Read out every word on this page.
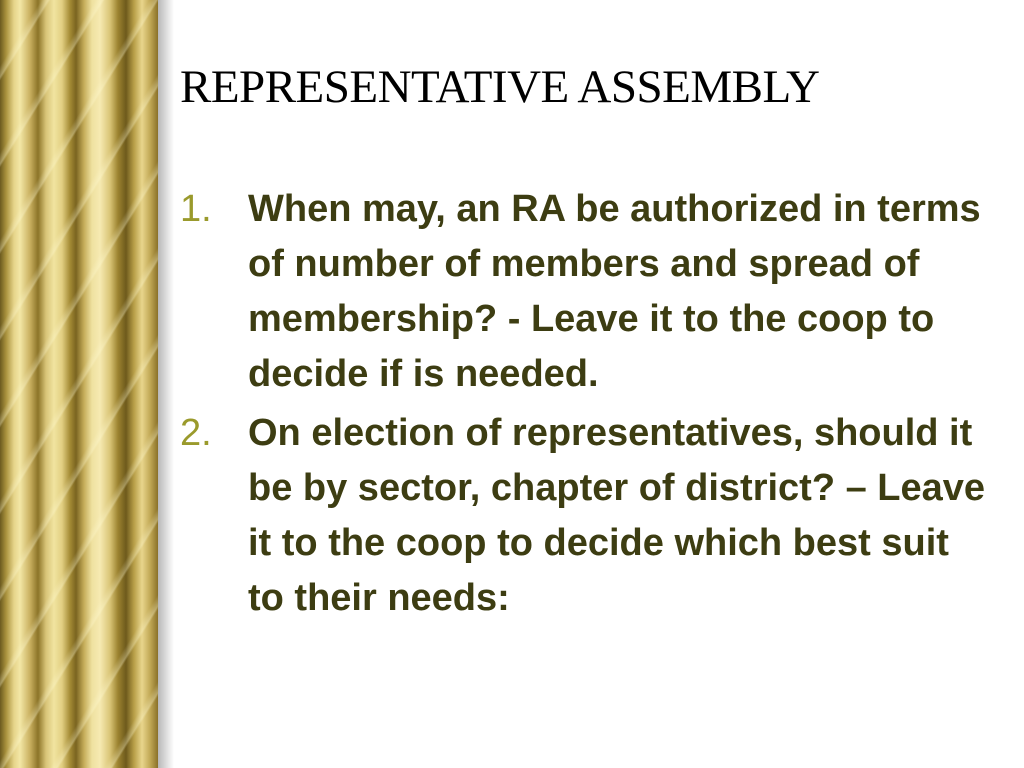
REPRESENTATIVE ASSEMBLY
1. When may, an RA be authorized in terms of number of members and spread of membership? - Leave it to the coop to decide if is needed.
2. On election of representatives, should it be by sector, chapter of district? – Leave it to the coop to decide which best suit to their needs:
